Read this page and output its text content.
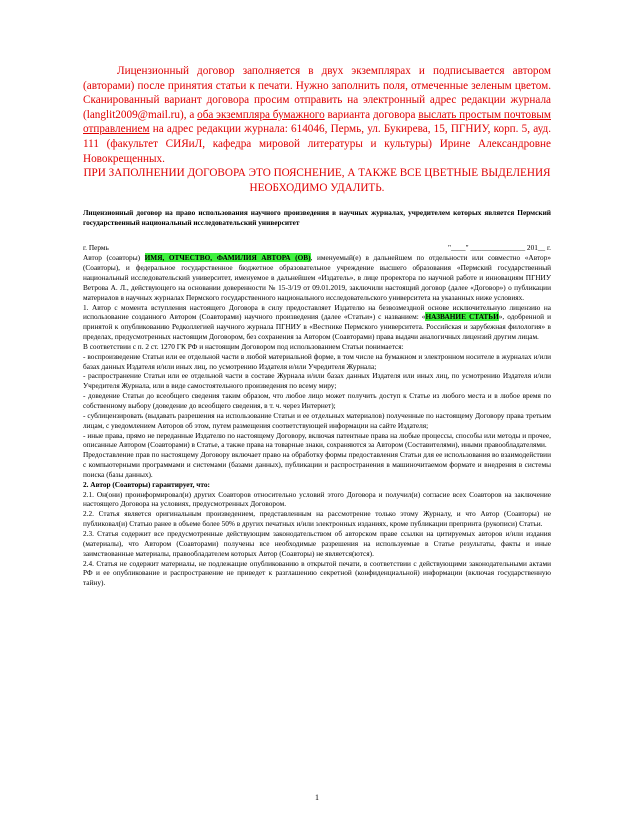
Лицензионный договор заполняется в двух экземплярах и подписывается автором (авторами) после принятия статьи к печати. Нужно заполнить поля, отмеченные зеленым цветом. Сканированный вариант договора просим отправить на электронный адрес редакции журнала (langlit2009@mail.ru), а оба экземпляра бумажного варианта договора выслать простым почтовым отправлением на адрес редакции журнала: 614046, Пермь, ул. Букирева, 15, ПГНИУ, корп. 5, ауд. 111 (факультет СИЯиЛ, кафедра мировой литературы и культуры) Ирине Александровне Новокрещенных.

ПРИ ЗАПОЛНЕНИИ ДОГОВОРА ЭТО ПОЯСНЕНИЕ, А ТАКЖЕ ВСЕ ЦВЕТНЫЕ ВЫДЕЛЕНИЯ НЕОБХОДИМО УДАЛИТЬ.

Лицензионный договор на право использования научного произведения в научных журналах, учредителем которых является Пермский государственный национальный исследовательский университет

г. Пермь	"____" _______________ 201__ г.

Автор (соавторы) ИМЯ, ОТЧЕСТВО, ФАМИЛИЯ АВТОРА (ОВ), именуемый(е) в дальнейшем по отдельности или совместно «Автор» (Соавторы), и федеральное государственное бюджетное образовательное учреждение высшего образования «Пермский государственный национальный исследовательский университет, именуемое в дальнейшем «Издатель», в лице проректора по научной работе и инновациям ПГНИУ Ветрова А. Л., действующего на основании доверенности № 15-3/19 от 09.01.2019, заключили настоящий договор (далее «Договор») о публикации материалов в научных журналах Пермского государственного национального исследовательского университета на указанных ниже условиях.

1. Автор с момента вступления настоящего Договора в силу предоставляет Издателю на безвозмездной основе исключительную лицензию на использование созданного Автором (Соавторами) научного произведения (далее «Статьи») с названием: «НАЗВАНИЕ СТАТЬИ», одобренной и принятой к опубликованию Редколлегией научного журнала ПГНИУ в «Вестнике Пермского университета. Российская и зарубежная филология» в пределах, предусмотренных настоящим Договором, без сохранения за Автором (Соавторами) права выдачи аналогичных лицензий другим лицам.

В соответствии с п. 2 ст. 1270 ГК РФ и настоящим Договором под использованием Статьи понимается:

- воспроизведение Статьи или ее отдельной части в любой материальной форме, в том числе на бумажном и электронном носителе в журналах и/или базах данных Издателя и/или иных лиц, по усмотрению Издателя и/или Учредителя Журнала;

- распространение Статьи или ее отдельной части в составе Журнала и/или базах данных Издателя или иных лиц, по усмотрению Издателя и/или Учредителя Журнала, или в виде самостоятельного произведения по всему миру;

- доведение Статьи до всеобщего сведения таким образом, что любое лицо может получить доступ к Статье из любого места и в любое время по собственному выбору (доведение до всеобщего сведения, в т. ч. через Интернет);

- сублицензировать (выдавать разрешения на использование Статьи и ее отдельных материалов) полученные по настоящему Договору права третьим лицам, с уведомлением Авторов об этом, путем размещения соответствующей информации на сайте Издателя;

- иные права, прямо не переданные Издателю по настоящему Договору, включая патентные права на любые процессы, способы или методы и прочее, описанные Автором (Соавторами) в Статье, а также права на товарные знаки, сохраняются за Автором (Составителями), иными правообладателями.

Предоставление прав по настоящему Договору включает право на обработку формы предоставления Статьи для ее использования во взаимодействии с компьютерными программами и системами (базами данных), публикации и распространения в машиночитаемом формате и внедрения в системы поиска (базы данных).

2. Автор (Соавторы) гарантирует, что:

2.1. Он(они) проинформировал(и) других Соавторов относительно условий этого Договора и получил(и) согласие всех Соавторов на заключение настоящего Договора на условиях, предусмотренных Договором.

2.2. Статья является оригинальным произведением, представленным на рассмотрение только этому Журналу, и что Автор (Соавторы) не публиковал(и) Статью ранее в объеме более 50% в других печатных и/или электронных изданиях, кроме публикации препринта (рукописи) Статьи.

2.3. Статья содержит все предусмотренные действующим законодательством об авторском праве ссылки на цитируемых авторов и/или издания (материалы), что Автором (Соавторами) получены все необходимые разрешения на используемые в Статье результаты, факты и иные заимствованные материалы, правообладателем которых Автор (Соавторы) не является(ются).

2.4. Статья не содержит материалы, не подлежащие опубликованию в открытой печати, в соответствии с действующими законодательными актами РФ и ее опубликование и распространение не приведет к разглашению секретной (конфиденциальной) информации (включая государственную тайну).

1
